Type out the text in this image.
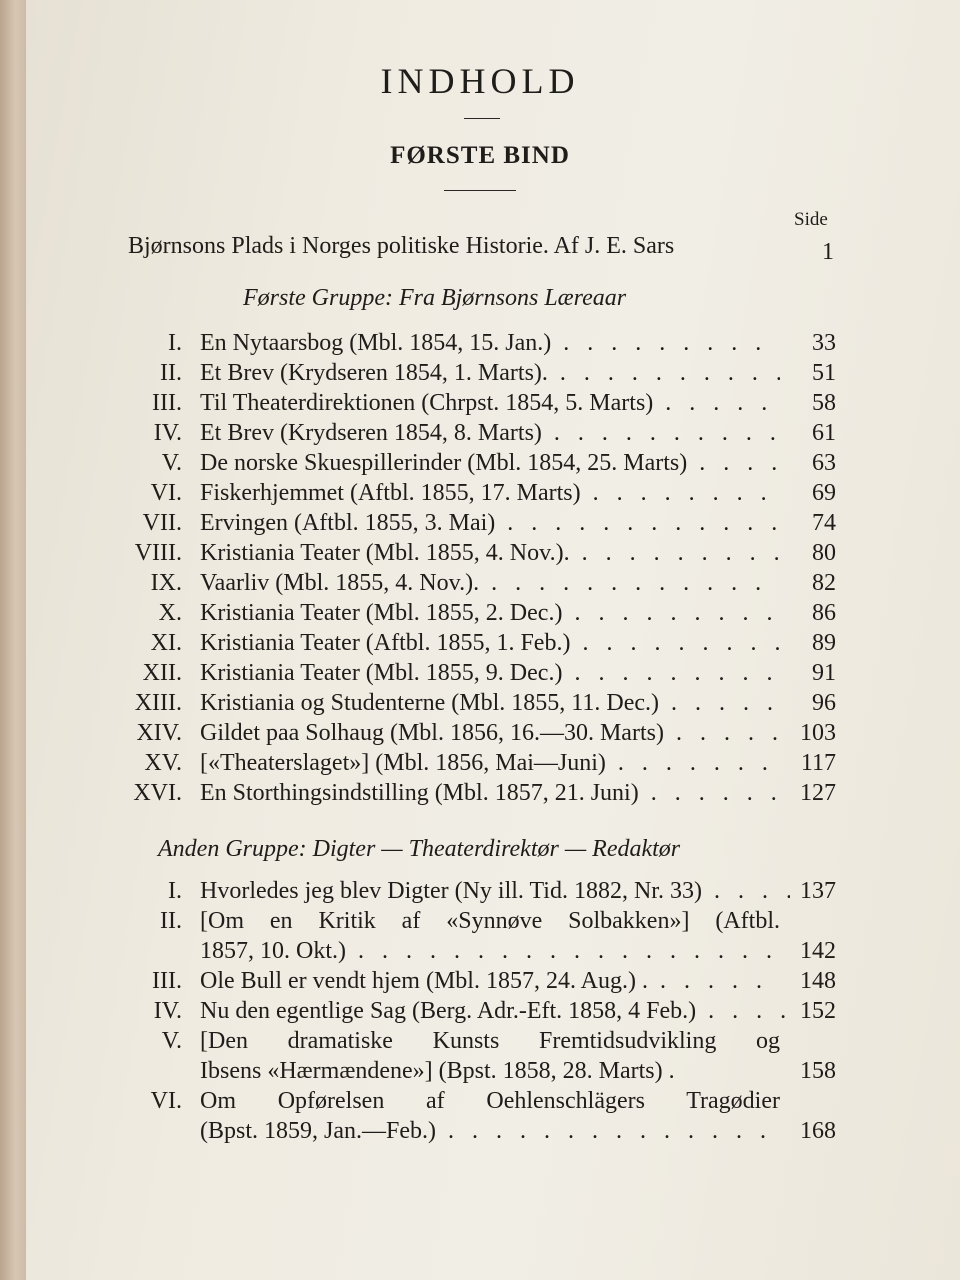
INDHOLD
FØRSTE BIND
Side
Bjørnsons Plads i Norges politiske Historie. Af J. E. Sars	1
Første Gruppe: Fra Bjørnsons Læreaar
I. En Nytaarsbog (Mbl. 1854, 15. Jan.) . . .	33
II. Et Brev (Krydseren 1854, 1. Marts). . . .	51
III. Til Theaterdirektionen (Chrpst. 1854, 5. Marts) . . .	58
IV. Et Brev (Krydseren 1854, 8. Marts) . . .	61
V. De norske Skuespillerinder (Mbl. 1854, 25. Marts) . . .	63
VI. Fiskerhjemmet (Aftbl. 1855, 17. Marts) . . .	69
VII. Ervingen (Aftbl. 1855, 3. Mai) . . .	74
VIII. Kristiania Teater (Mbl. 1855, 4. Nov.). . . .	80
IX. Vaarliv (Mbl. 1855, 4. Nov.). . . .	82
X. Kristiania Teater (Mbl. 1855, 2. Dec.) . . .	86
XI. Kristiania Teater (Aftbl. 1855, 1. Feb.) . . .	89
XII. Kristiania Teater (Mbl. 1855, 9. Dec.) . . .	91
XIII. Kristiania og Studenterne (Mbl. 1855, 11. Dec.) . . .	96
XIV. Gildet paa Solhaug (Mbl. 1856, 16.—30. Marts) . . .	103
XV. [«Theaterslaget»] (Mbl. 1856, Mai—Juni) . . .	117
XVI. En Storthingsindstilling (Mbl. 1857, 21. Juni) . . .	127
Anden Gruppe: Digter — Theaterdirektør — Redaktør
I. Hvorledes jeg blev Digter (Ny ill. Tid. 1882, Nr. 33) . . .	137
II. [Om en Kritik af «Synnøve Solbakken»] (Aftbl.
1857, 10. Okt.) . . .	142
III. Ole Bull er vendt hjem (Mbl. 1857, 24. Aug.) . . . .	148
IV. Nu den egentlige Sag (Berg. Adr.-Eft. 1858, 4 Feb.) . . .	152
V. [Den dramatiske Kunsts Fremtidsudvikling og
Ibsens «Hærmændene»] (Bpst. 1858, 28. Marts) .	158
VI. Om Opførelsen af Oehlenschlägers Tragødier
(Bpst. 1859, Jan.—Feb.) . . .	168
